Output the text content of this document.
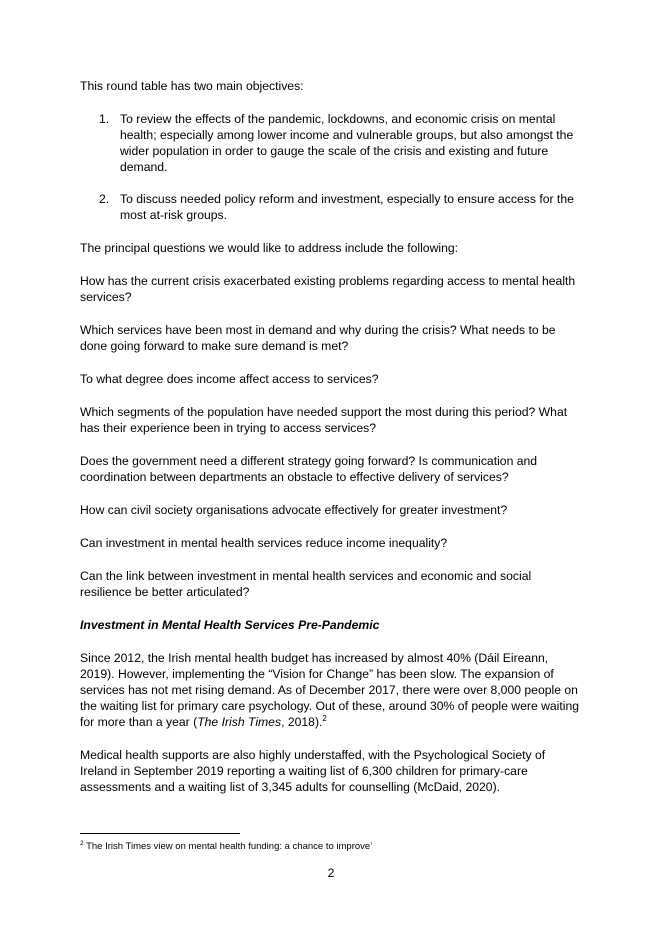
This round table has two main objectives:

1. To review the effects of the pandemic, lockdowns, and economic crisis on mental health; especially among lower income and vulnerable groups, but also amongst the wider population in order to gauge the scale of the crisis and existing and future demand.
2. To discuss needed policy reform and investment, especially to ensure access for the most at-risk groups.

The principal questions we would like to address include the following:

How has the current crisis exacerbated existing problems regarding access to mental health services?

Which services have been most in demand and why during the crisis? What needs to be done going forward to make sure demand is met?

To what degree does income affect access to services?

Which segments of the population have needed support the most during this period? What has their experience been in trying to access services?

Does the government need a different strategy going forward? Is communication and coordination between departments an obstacle to effective delivery of services?

How can civil society organisations advocate effectively for greater investment?

Can investment in mental health services reduce income inequality?

Can the link between investment in mental health services and economic and social resilience be better articulated?

Investment in Mental Health Services Pre-Pandemic

Since 2012, the Irish mental health budget has increased by almost 40% (Dáil Eireann, 2019). However, implementing the “Vision for Change” has been slow. The expansion of services has not met rising demand. As of December 2017, there were over 8,000 people on the waiting list for primary care psychology. Out of these, around 30% of people were waiting for more than a year (The Irish Times, 2018).$^2$

Medical health supports are also highly understaffed, with the Psychological Society of Ireland in September 2019 reporting a waiting list of 6,300 children for primary-care assessments and a waiting list of 3,345 adults for counselling (McDaid, 2020).

$^2$ The Irish Times view on mental health funding: a chance to improve’
2
